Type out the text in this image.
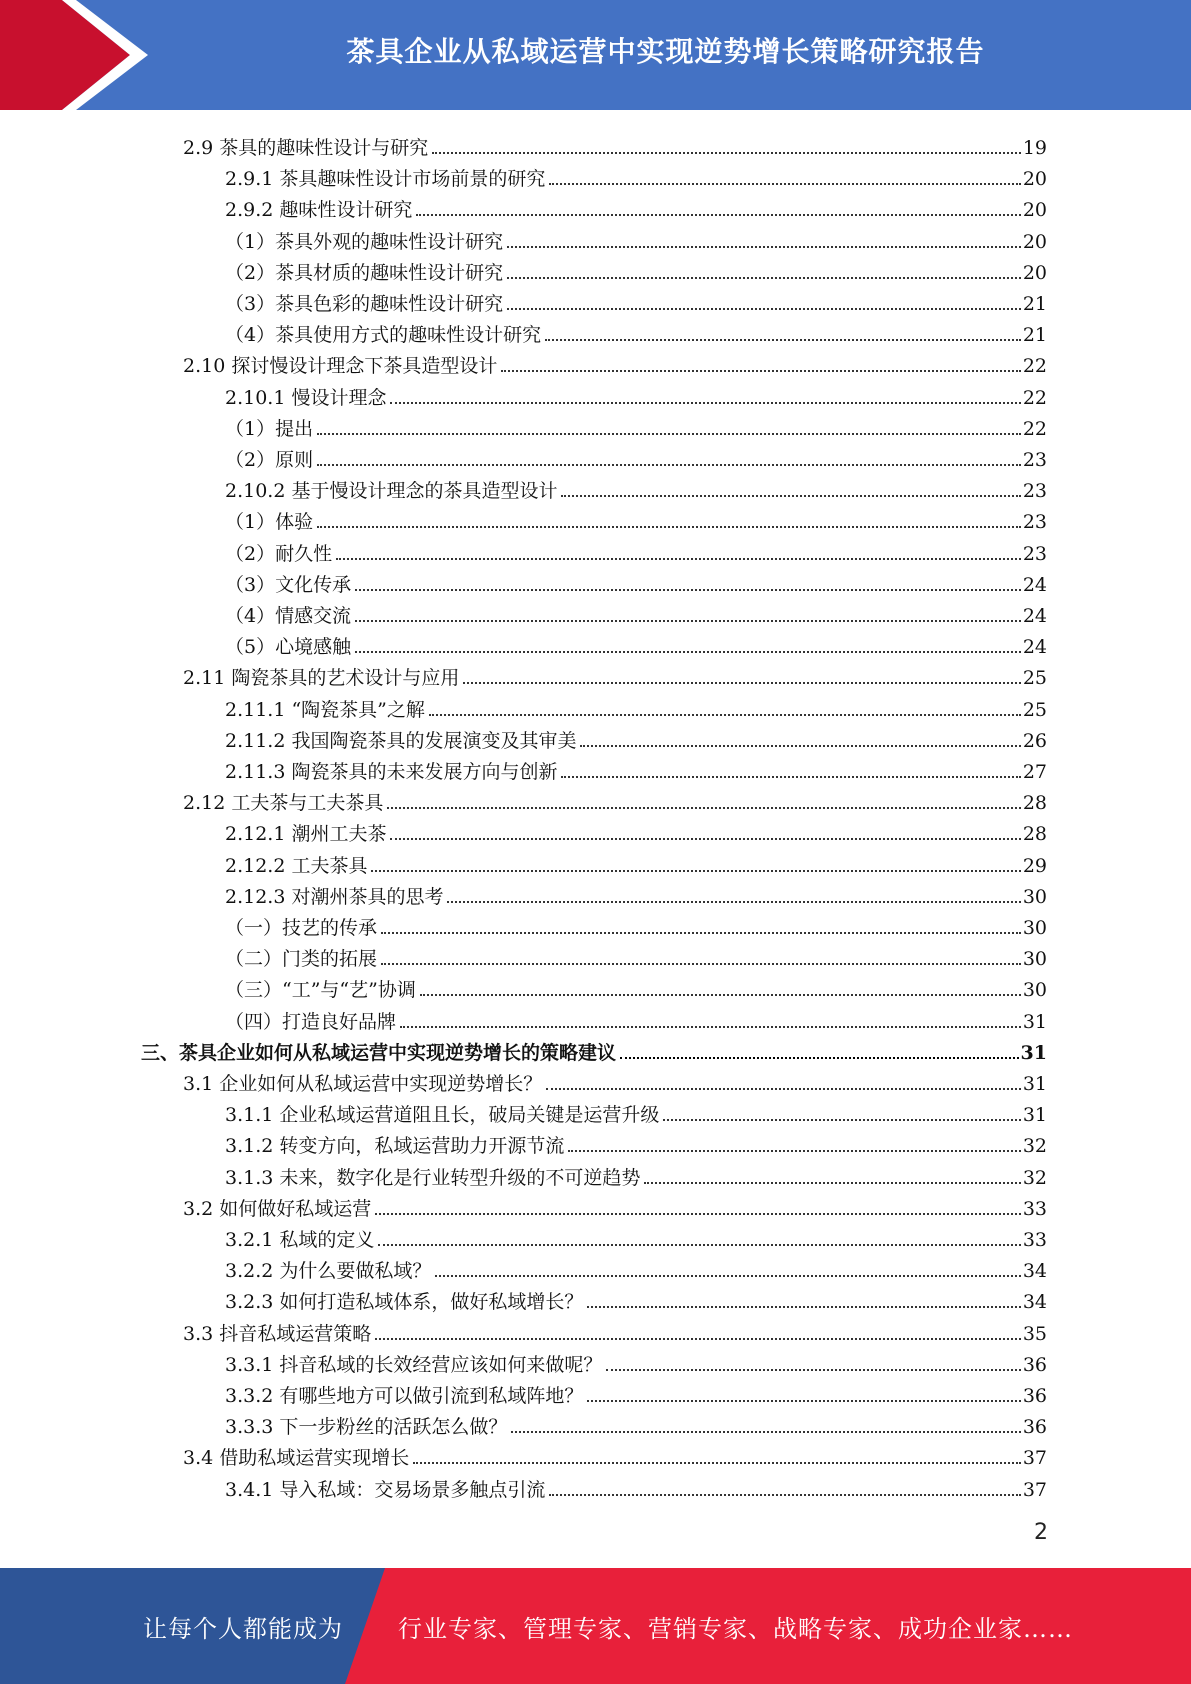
茶具企业从私域运营中实现逆势增长策略研究报告
2.9 茶具的趣味性设计与研究	19
2.9.1 茶具趣味性设计市场前景的研究	20
2.9.2 趣味性设计研究	20
（1）茶具外观的趣味性设计研究	20
（2）茶具材质的趣味性设计研究	20
（3）茶具色彩的趣味性设计研究	21
（4）茶具使用方式的趣味性设计研究	21
2.10 探讨慢设计理念下茶具造型设计	22
2.10.1 慢设计理念	22
（1）提出	22
（2）原则	23
2.10.2 基于慢设计理念的茶具造型设计	23
（1）体验	23
（2）耐久性	23
（3）文化传承	24
（4）情感交流	24
（5）心境感触	24
2.11 陶瓷茶具的艺术设计与应用	25
2.11.1 “陶瓷茶具”之解	25
2.11.2 我国陶瓷茶具的发展演变及其审美	26
2.11.3 陶瓷茶具的未来发展方向与创新	27
2.12 工夫茶与工夫茶具	28
2.12.1 潮州工夫茶	28
2.12.2 工夫茶具	29
2.12.3 对潮州茶具的思考	30
（一）技艺的传承	30
（二）门类的拓展	30
（三）“工”与“艺”协调	30
（四）打造良好品牌	31
三、茶具企业如何从私域运营中实现逆势增长的策略建议	31
3.1 企业如何从私域运营中实现逆势增长？	31
3.1.1 企业私域运营道阻且长，破局关键是运营升级	31
3.1.2 转变方向，私域运营助力开源节流	32
3.1.3 未来，数字化是行业转型升级的不可逆趋势	32
3.2 如何做好私域运营	33
3.2.1 私域的定义	33
3.2.2 为什么要做私域？	34
3.2.3 如何打造私域体系，做好私域增长？	34
3.3 抖音私域运营策略	35
3.3.1 抖音私域的长效经营应该如何来做呢？	36
3.3.2 有哪些地方可以做引流到私域阵地？	36
3.3.3 下一步粉丝的活跃怎么做？	36
3.4 借助私域运营实现增长	37
3.4.1 导入私域：交易场景多触点引流	37
2
让每个人都能成为 行业专家、管理专家、营销专家、战略专家、成功企业家……
